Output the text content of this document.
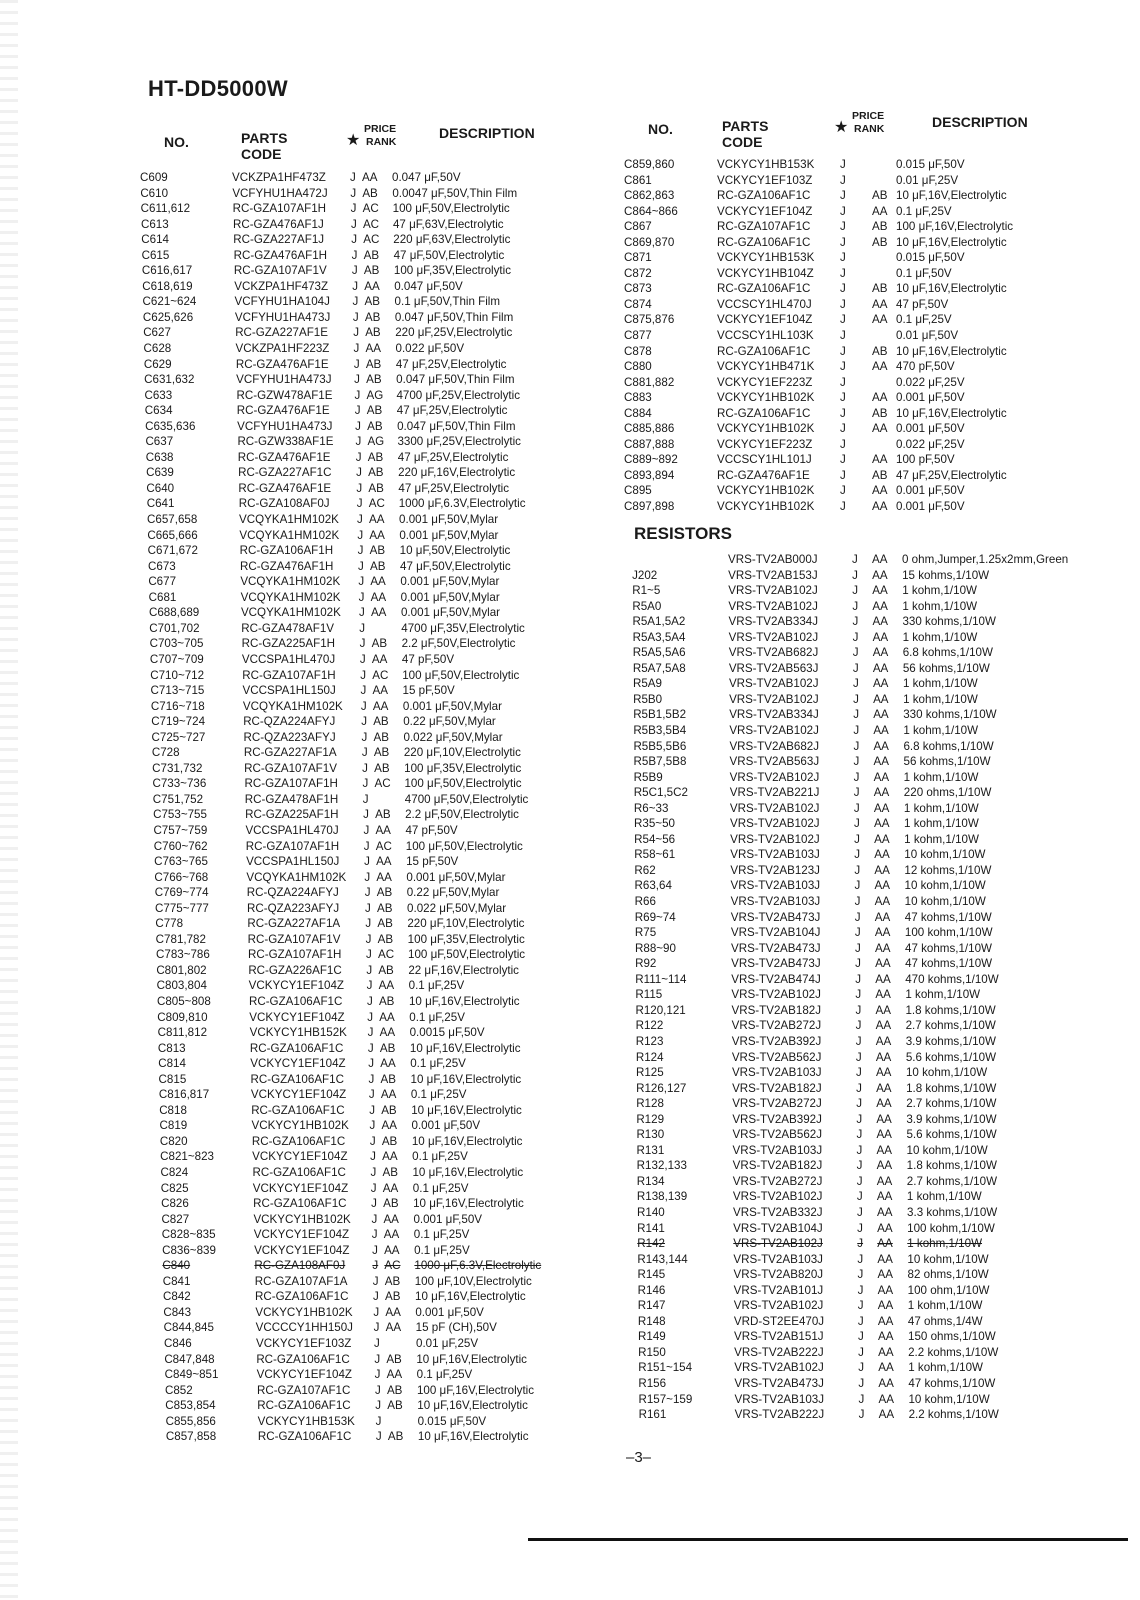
HT-DD5000W
NO.	PARTS CODE
★
PRICE
RANK
DESCRIPTION	NO.	PARTS CODE
★
PRICE
RANK	DESCRIPTION
C609	VCKZPA1HF473Z J AA 0.047 μF,50V
C610	VCFYHU1HA472J J AB 0.0047 μF,50V,Thin Film
C611,612	RC-GZA107AF1H J AC 100 μF,50V,Electrolytic
C613	RC-GZA476AF1J J AC 47 μF,63V,Electrolytic
C614	RC-GZA227AF1J J AC 220 μF,63V,Electrolytic
C615	RC-GZA476AF1H J AB 47 μF,50V,Electrolytic
C616,617	RC-GZA107AF1V J AB 100 μF,35V,Electrolytic
C618,619	VCKZPA1HF473Z J AA 0.047 μF,50V
C621~624	VCFYHU1HA104J J AB 0.1 μF,50V,Thin Film
C625,626	VCFYHU1HA473J J AB 0.047 μF,50V,Thin Film
C627	RC-GZA227AF1E J AB 220 μF,25V,Electrolytic
C628	VCKZPA1HF223Z J AA 0.022 μF,50V
C629	RC-GZA476AF1E J AB 47 μF,25V,Electrolytic
C631,632	VCFYHU1HA473J J AB 0.047 μF,50V,Thin Film
C633	RC-GZW478AF1E J AG 4700 μF,25V,Electrolytic
C634	RC-GZA476AF1E J AB 47 μF,25V,Electrolytic
C635,636	VCFYHU1HA473J J AB 0.047 μF,50V,Thin Film
C637	RC-GZW338AF1E J AG 3300 μF,25V,Electrolytic
C638	RC-GZA476AF1E J AB 47 μF,25V,Electrolytic
C639	RC-GZA227AF1C J AB 220 μF,16V,Electrolytic
C640	RC-GZA476AF1E J AB 47 μF,25V,Electrolytic
C641	RC-GZA108AF0J J AC 1000 μF,6.3V,Electrolytic
C657,658	VCQYKA1HM102K J AA 0.001 μF,50V,Mylar
C665,666	VCQYKA1HM102K J AA 0.001 μF,50V,Mylar
C671,672	RC-GZA106AF1H J AB 10 μF,50V,Electrolytic
C673	RC-GZA476AF1H J AB 47 μF,50V,Electrolytic
C677	VCQYKA1HM102K J AA 0.001 μF,50V,Mylar
C681	VCQYKA1HM102K J AA 0.001 μF,50V,Mylar
C688,689	VCQYKA1HM102K J AA 0.001 μF,50V,Mylar
C701,702	RC-GZA478AF1V J	4700 μF,35V,Electrolytic
C703~705	RC-GZA225AF1H J AB 2.2 μF,50V,Electrolytic
C707~709	VCCSPA1HL470J J AA 47 pF,50V
C710~712	RC-GZA107AF1H J AC 100 μF,50V,Electrolytic
C713~715	VCCSPA1HL150J J AA 15 pF,50V
C716~718	VCQYKA1HM102K J AA 0.001 μF,50V,Mylar
C719~724	RC-QZA224AFYJ J AB 0.22 μF,50V,Mylar
C725~727	RC-QZA223AFYJ J AB 0.022 μF,50V,Mylar
C728	RC-GZA227AF1A J AB 220 μF,10V,Electrolytic
C731,732	RC-GZA107AF1V J AB 100 μF,35V,Electrolytic
C733~736	RC-GZA107AF1H J AC 100 μF,50V,Electrolytic
C751,752	RC-GZA478AF1H J	4700 μF,50V,Electrolytic
C753~755	RC-GZA225AF1H J AB 2.2 μF,50V,Electrolytic
C757~759	VCCSPA1HL470J J AA 47 pF,50V
C760~762	RC-GZA107AF1H J AC 100 μF,50V,Electrolytic
C763~765	VCCSPA1HL150J J AA 15 pF,50V
C766~768	VCQYKA1HM102K J AA 0.001 μF,50V,Mylar
C769~774	RC-QZA224AFYJ J AB 0.22 μF,50V,Mylar
C775~777	RC-QZA223AFYJ J AB 0.022 μF,50V,Mylar
C778	RC-GZA227AF1A J AB 220 μF,10V,Electrolytic
C781,782	RC-GZA107AF1V J AB 100 μF,35V,Electrolytic
C783~786	RC-GZA107AF1H J AC 100 μF,50V,Electrolytic
C801,802	RC-GZA226AF1C J AB 22 μF,16V,Electrolytic
C803,804	VCKYCY1EF104Z J AA 0.1 μF,25V
C805~808	RC-GZA106AF1C J AB 10 μF,16V,Electrolytic
C809,810	VCKYCY1EF104Z J AA 0.1 μF,25V
C811,812	VCKYCY1HB152K J AA 0.0015 μF,50V
C813	RC-GZA106AF1C J AB 10 μF,16V,Electrolytic
C814	VCKYCY1EF104Z J AA 0.1 μF,25V
C815	RC-GZA106AF1C J AB 10 μF,16V,Electrolytic
C816,817	VCKYCY1EF104Z J AA 0.1 μF,25V
C818	RC-GZA106AF1C J AB 10 μF,16V,Electrolytic
C819	VCKYCY1HB102K J AA 0.001 μF,50V
C820	RC-GZA106AF1C J AB 10 μF,16V,Electrolytic
C821~823	VCKYCY1EF104Z J AA 0.1 μF,25V
C824	RC-GZA106AF1C J AB 10 μF,16V,Electrolytic
C825	VCKYCY1EF104Z J AA 0.1 μF,25V
C826	RC-GZA106AF1C J AB 10 μF,16V,Electrolytic
C827	VCKYCY1HB102K J AA 0.001 μF,50V
C828~835	VCKYCY1EF104Z J AA 0.1 μF,25V
C836~839	VCKYCY1EF104Z J AA 0.1 μF,25V
C840	RC-GZA108AF0J J AC 1000 μF,6.3V,Electrolytic
C841	RC-GZA107AF1A J AB 100 μF,10V,Electrolytic
C842	RC-GZA106AF1C J AB 10 μF,16V,Electrolytic
C843	VCKYCY1HB102K J AA 0.001 μF,50V
C844,845	VCCCCY1HH150J J AA 15 pF (CH),50V
C846	VCKYCY1EF103Z J	0.01 μF,25V
C847,848	RC-GZA106AF1C J AB 10 μF,16V,Electrolytic
C849~851	VCKYCY1EF104Z J AA 0.1 μF,25V
C852	RC-GZA107AF1C J AB 100 μF,16V,Electrolytic
C853,854	RC-GZA106AF1C J AB 10 μF,16V,Electrolytic
C855,856	VCKYCY1HB153K J	0.015 μF,50V
C857,858	RC-GZA106AF1C J AB 10 μF,16V,Electrolytic
C859,860	VCKYCY1HB153K J	0.015 μF,50V
C861	VCKYCY1EF103Z J	0.01 μF,25V
C862,863	RC-GZA106AF1C	J AB 10 μF,16V,Electrolytic
C864~866	VCKYCY1EF104Z J AA 0.1 μF,25V
C867	RC-GZA107AF1C	J AB 100 μF,16V,Electrolytic
C869,870	RC-GZA106AF1C	J AB 10 μF,16V,Electrolytic
C871	VCKYCY1HB153K J	0.015 μF,50V
C872	VCKYCY1HB104Z J	0.1 μF,50V
C873	RC-GZA106AF1C	J AB 10 μF,16V,Electrolytic
C874	VCCSCY1HL470J J AA 47 pF,50V
C875,876	VCKYCY1EF104Z J AA 0.1 μF,25V
C877	VCCSCY1HL103K J	0.01 μF,50V
C878	RC-GZA106AF1C	J AB 10 μF,16V,Electrolytic
C880	VCKYCY1HB471K J AA 470 pF,50V
C881,882	VCKYCY1EF223Z J	0.022 μF,25V
C883	VCKYCY1HB102K J AA 0.001 μF,50V
C884	RC-GZA106AF1C	J AB 10 μF,16V,Electrolytic
C885,886	VCKYCY1HB102K J AA 0.001 μF,50V
C887,888	VCKYCY1EF223Z J	0.022 μF,25V
C889~892	VCCSCY1HL101J J AA 100 pF,50V
C893,894	RC-GZA476AF1E	J AB 47 μF,25V,Electrolytic
C895	VCKYCY1HB102K J AA 0.001 μF,50V
C897,898	VCKYCY1HB102K J AA 0.001 μF,50V
RESISTORS
VRS-TV2AB000J	J AA 0 ohm,Jumper,1.25x2mm,Green
J202	VRS-TV2AB153J	J AA 15 kohms,1/10W
R1~5	VRS-TV2AB102J	J AA 1 kohm,1/10W
R5A0	VRS-TV2AB102J	J AA 1 kohm,1/10W
R5A1,5A2	VRS-TV2AB334J	J AA 330 kohms,1/10W
R5A3,5A4	VRS-TV2AB102J	J AA 1 kohm,1/10W
R5A5,5A6	VRS-TV2AB682J	J AA 6.8 kohms,1/10W
R5A7,5A8	VRS-TV2AB563J	J AA 56 kohms,1/10W
R5A9	VRS-TV2AB102J	J AA 1 kohm,1/10W
R5B0	VRS-TV2AB102J	J AA 1 kohm,1/10W
R5B1,5B2	VRS-TV2AB334J	J AA 330 kohms,1/10W
R5B3,5B4	VRS-TV2AB102J	J AA 1 kohm,1/10W
R5B5,5B6	VRS-TV2AB682J	J AA 6.8 kohms,1/10W
R5B7,5B8	VRS-TV2AB563J	J AA 56 kohms,1/10W
R5B9	VRS-TV2AB102J	J AA 1 kohm,1/10W
R5C1,5C2	VRS-TV2AB221J	J AA 220 ohms,1/10W
R6~33	VRS-TV2AB102J	J AA 1 kohm,1/10W
R35~50	VRS-TV2AB102J	J AA 1 kohm,1/10W
R54~56	VRS-TV2AB102J	J AA 1 kohm,1/10W
R58~61	VRS-TV2AB103J	J AA 10 kohm,1/10W
R62	VRS-TV2AB123J	J AA 12 kohms,1/10W
R63,64	VRS-TV2AB103J	J AA 10 kohm,1/10W
R66	VRS-TV2AB103J	J AA 10 kohm,1/10W
R69~74	VRS-TV2AB473J	J AA 47 kohms,1/10W
R75	VRS-TV2AB104J	J AA 100 kohm,1/10W
R88~90	VRS-TV2AB473J	J AA 47 kohms,1/10W
R92	VRS-TV2AB473J	J AA 47 kohms,1/10W
R111~114	VRS-TV2AB474J	J AA 470 kohms,1/10W
R115	VRS-TV2AB102J	J AA 1 kohm,1/10W
R120,121	VRS-TV2AB182J	J AA 1.8 kohms,1/10W
R122	VRS-TV2AB272J	J AA 2.7 kohms,1/10W
R123	VRS-TV2AB392J	J AA 3.9 kohms,1/10W
R124	VRS-TV2AB562J	J AA 5.6 kohms,1/10W
R125	VRS-TV2AB103J	J AA 10 kohm,1/10W
R126,127	VRS-TV2AB182J	J AA 1.8 kohms,1/10W
R128	VRS-TV2AB272J	J AA 2.7 kohms,1/10W
R129	VRS-TV2AB392J	J AA 3.9 kohms,1/10W
R130	VRS-TV2AB562J	J AA 5.6 kohms,1/10W
R131	VRS-TV2AB103J	J AA 10 kohm,1/10W
R132,133	VRS-TV2AB182J	J AA 1.8 kohms,1/10W
R134	VRS-TV2AB272J	J AA 2.7 kohms,1/10W
R138,139	VRS-TV2AB102J	J AA 1 kohm,1/10W
R140	VRS-TV2AB332J	J AA 3.3 kohms,1/10W
R141	VRS-TV2AB104J	J AA 100 kohm,1/10W
R142	VRS-TV2AB102J	J AA 1 kohm,1/10W
R143,144	VRS-TV2AB103J	J AA 10 kohm,1/10W
R145	VRS-TV2AB820J	J AA 82 ohms,1/10W
R146	VRS-TV2AB101J	J AA 100 ohm,1/10W
R147	VRS-TV2AB102J	J AA 1 kohm,1/10W
R148	VRD-ST2EE470J	J AA 47 ohms,1/4W
R149	VRS-TV2AB151J	J AA 150 ohms,1/10W
R150	VRS-TV2AB222J	J AA 2.2 kohms,1/10W
R151~154	VRS-TV2AB102J	J AA 1 kohm,1/10W
R156	VRS-TV2AB473J	J AA 47 kohms,1/10W
R157~159	VRS-TV2AB103J	J AA 10 kohm,1/10W
R161	VRS-TV2AB222J	J AA 2.2 kohms,1/10W
–3–
